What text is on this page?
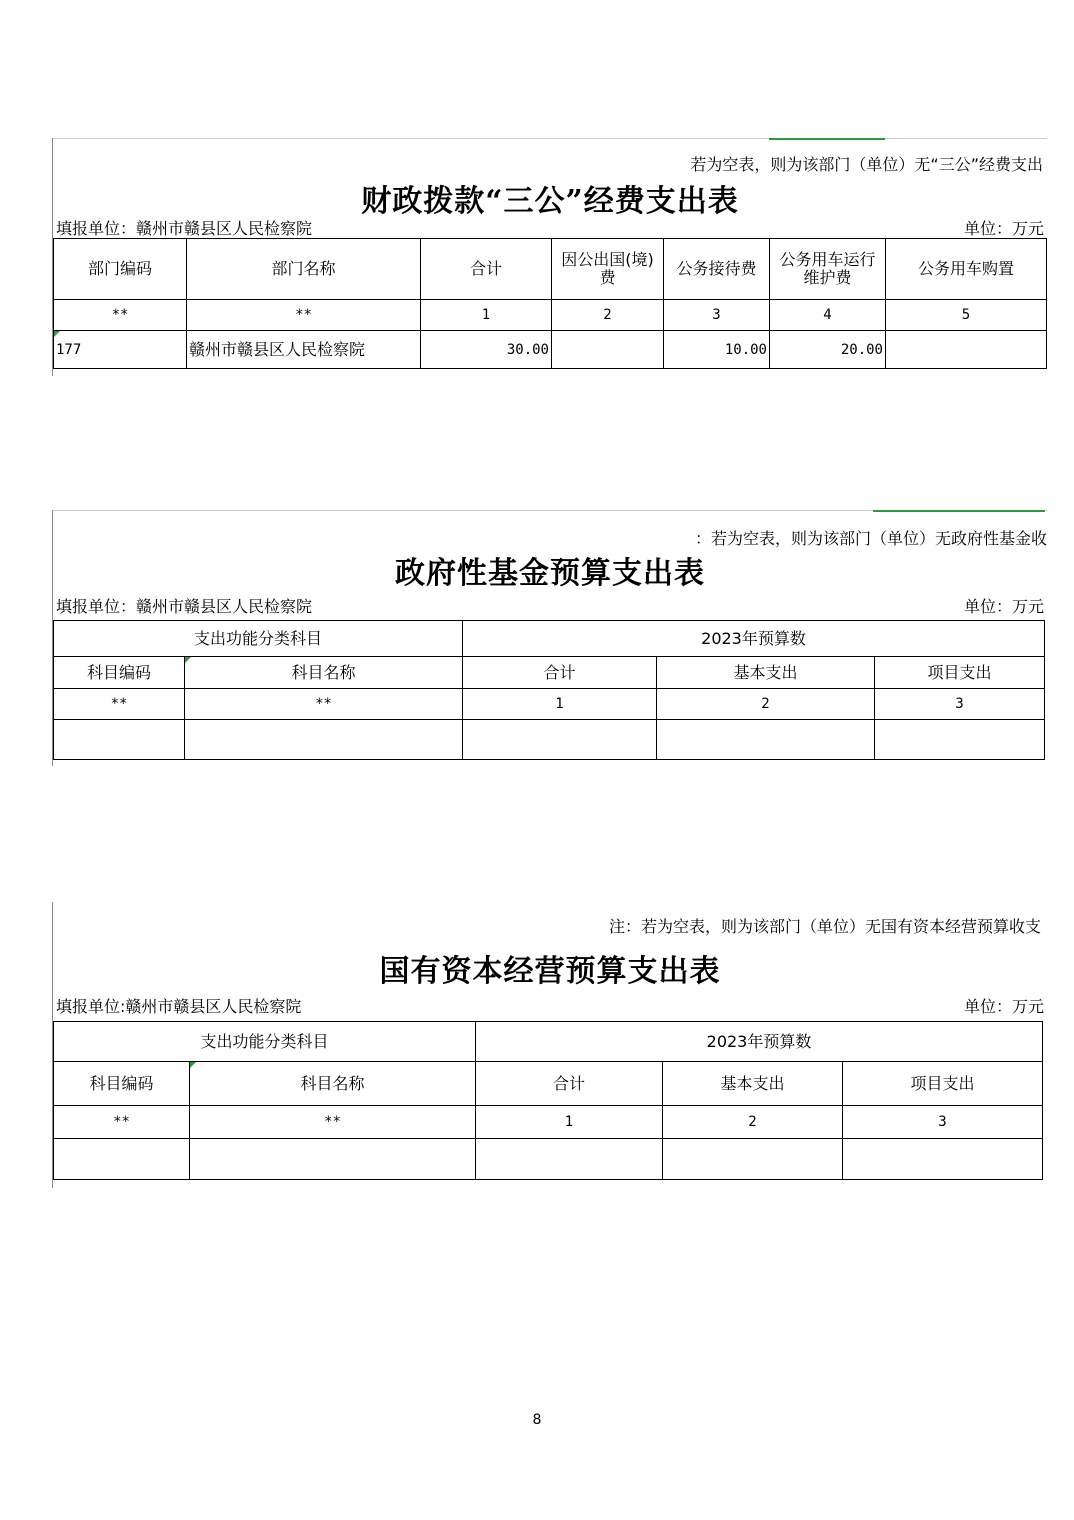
若为空表，则为该部门（单位）无“三公”经费支出
财政拨款“三公”经费支出表
填报单位：赣州市赣县区人民检察院	单位：万元
部门编码	部门名称	合计	因公出国(境)费	公务接待费	公务用车运行维护费	公务用车购置
**	**	1	2	3	4	5

177	赣州市赣县区人民检察院	30.00		10.00	20.00	
：若为空表，则为该部门（单位）无政府性基金收
政府性基金预算支出表
填报单位：赣州市赣县区人民检察院	单位：万元
支出功能分类科目		2023年预算数		
科目编码	科目名称	合计	基本支出	项目支出
**	**	1	2	3

注：若为空表，则为该部门（单位）无国有资本经营预算收支
国有资本经营预算支出表
填报单位:赣州市赣县区人民检察院	单位：万元
支出功能分类科目		2023年预算数		
科目编码	科目名称	合计	基本支出	项目支出
**	**	1	2	3

8
